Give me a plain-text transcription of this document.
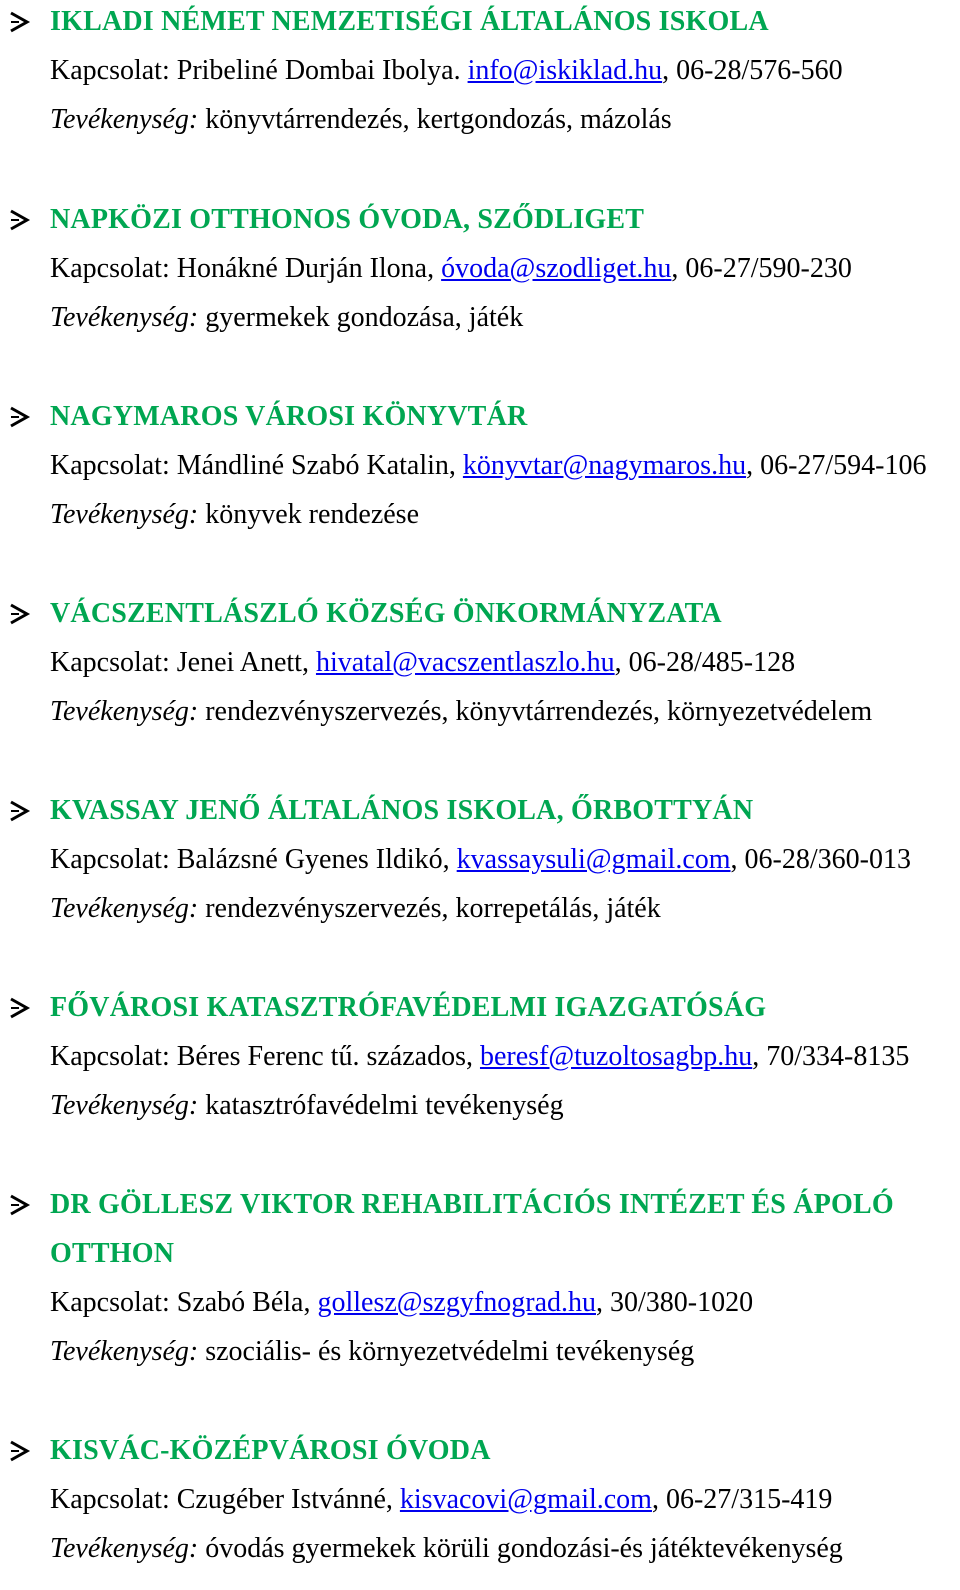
IKLADI NÉMET NEMZETISÉGI ÁLTALÁNOS ISKOLA
Kapcsolat: Pribeliné Dombai Ibolya. info@iskiklad.hu, 06-28/576-560
Tevékenység: könyvtárrendezés, kertgondozás, mázolás
NAPKÖZI OTTHONOS ÓVODA, SZŐDLIGET
Kapcsolat: Honákné Durján Ilona, óvoda@szodliget.hu, 06-27/590-230
Tevékenység: gyermekek gondozása, játék
NAGYMAROS VÁROSI KÖNYVTÁR
Kapcsolat: Mándliné Szabó Katalin, könyvtar@nagymaros.hu, 06-27/594-106
Tevékenység: könyvek rendezése
VÁCSZENTLÁSZLÓ KÖZSÉG ÖNKORMÁNYZATA
Kapcsolat: Jenei Anett, hivatal@vacszentlaszlo.hu, 06-28/485-128
Tevékenység: rendezvényszervezés, könyvtárrendezés, környezetvédelem
KVASSAY JENŐ ÁLTALÁNOS ISKOLA, ŐRBOTTYÁN
Kapcsolat: Balázsné Gyenes Ildikó, kvassaysuli@gmail.com, 06-28/360-013
Tevékenység: rendezvényszervezés, korrepetálás, játék
FŐVÁROSI KATASZTRÓFAVÉDELMI IGAZGATÓSÁG
Kapcsolat: Béres Ferenc tű. százados, beresf@tuzoltosagbp.hu, 70/334-8135
Tevékenység: katasztrófavédelmi tevékenység
DR GÖLLESZ VIKTOR REHABILITÁCIÓS INTÉZET ÉS ÁPOLÓ
OTTHON
Kapcsolat: Szabó Béla, gollesz@szgyfnograd.hu, 30/380-1020
Tevékenység: szociális- és környezetvédelmi tevékenység
KISVÁC-KÖZÉPVÁROSI ÓVODA
Kapcsolat: Czugéber Istvánné, kisvacovi@gmail.com, 06-27/315-419
Tevékenység: óvodás gyermekek körüli gondozási-és játéktevékenység
